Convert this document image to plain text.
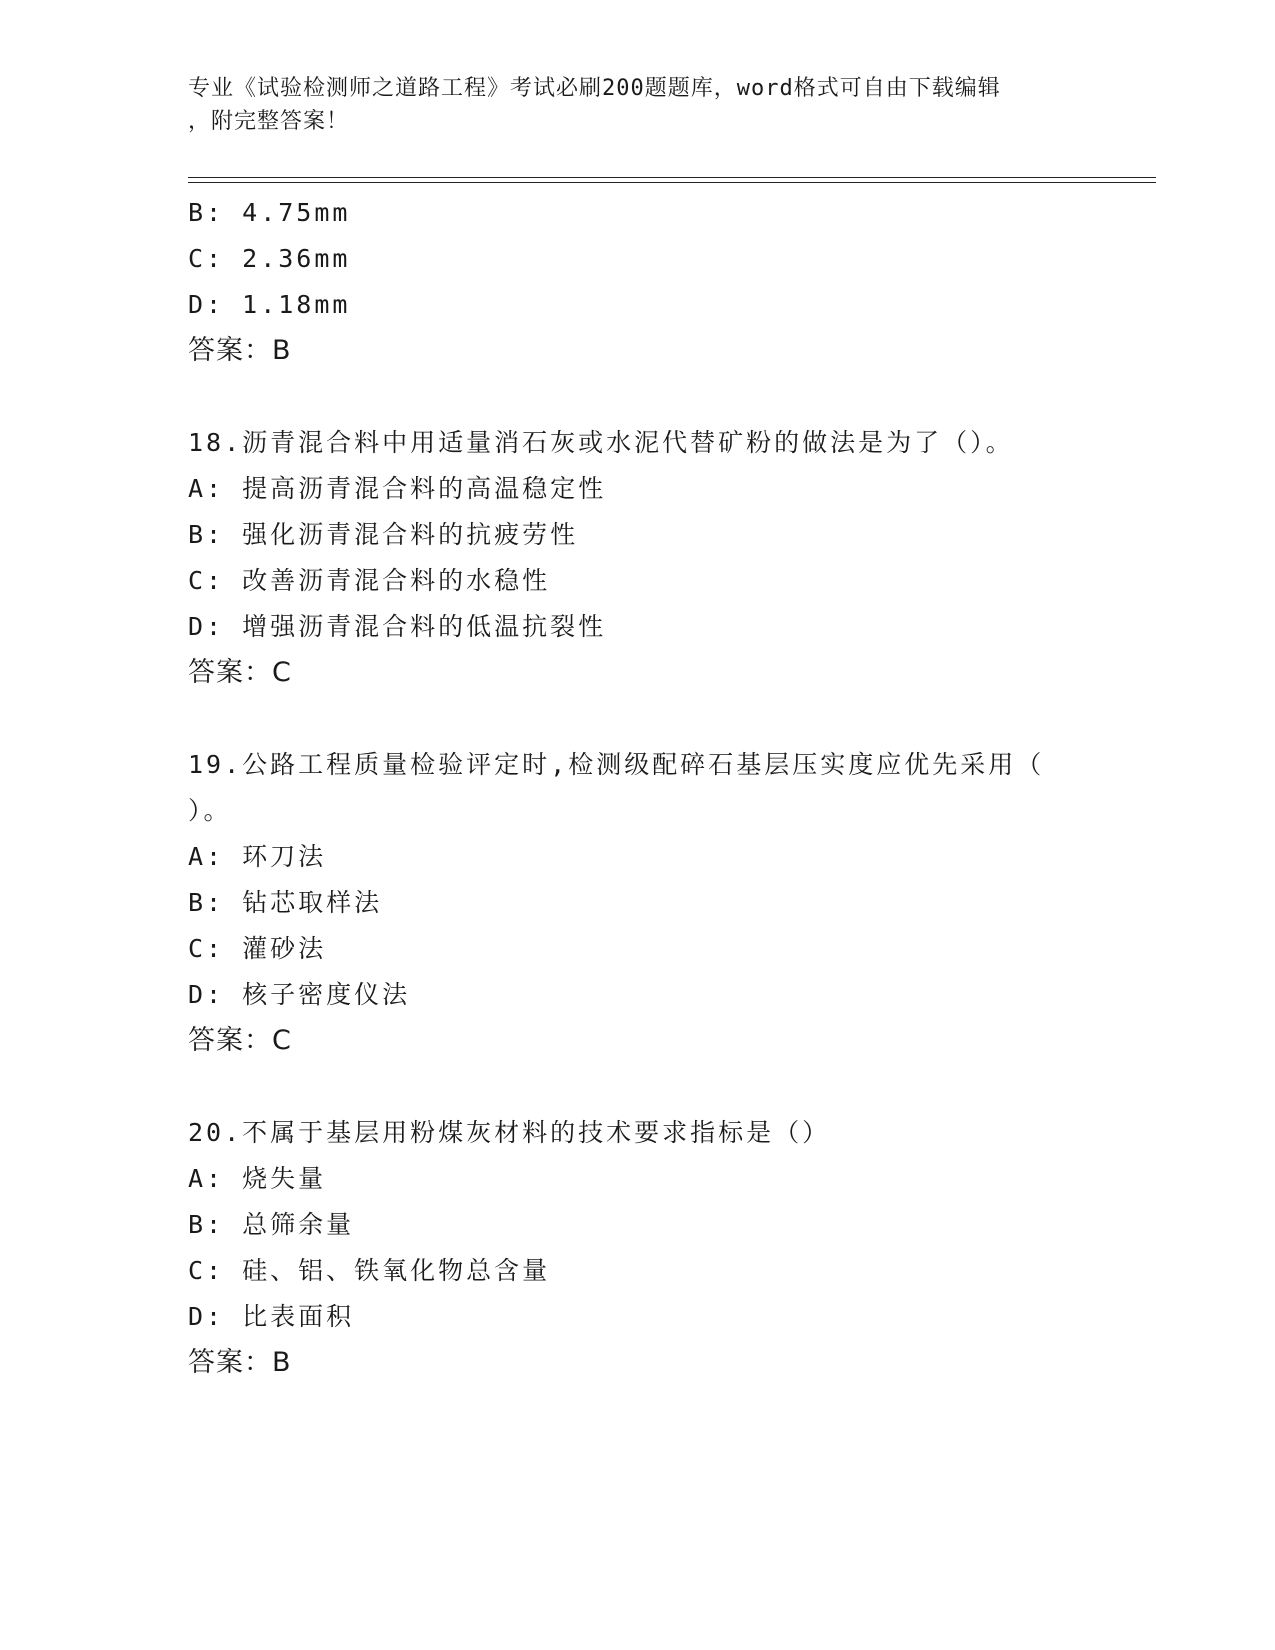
专业《试验检测师之道路工程》考试必刷200题题库，word格式可自由下载编辑
，附完整答案！
B: 4.75mm
C: 2.36mm
D: 1.18mm
答案：B
18.沥青混合料中用适量消石灰或水泥代替矿粉的做法是为了（）。
A: 提高沥青混合料的高温稳定性
B: 强化沥青混合料的抗疲劳性
C: 改善沥青混合料的水稳性
D: 增强沥青混合料的低温抗裂性
答案：C
19.公路工程质量检验评定时,检测级配碎石基层压实度应优先采用（
）。
A: 环刀法
B: 钻芯取样法
C: 灌砂法
D: 核子密度仪法
答案：C
20.不属于基层用粉煤灰材料的技术要求指标是（）
A: 烧失量
B: 总筛余量
C: 硅、铝、铁氧化物总含量
D: 比表面积
答案：B
